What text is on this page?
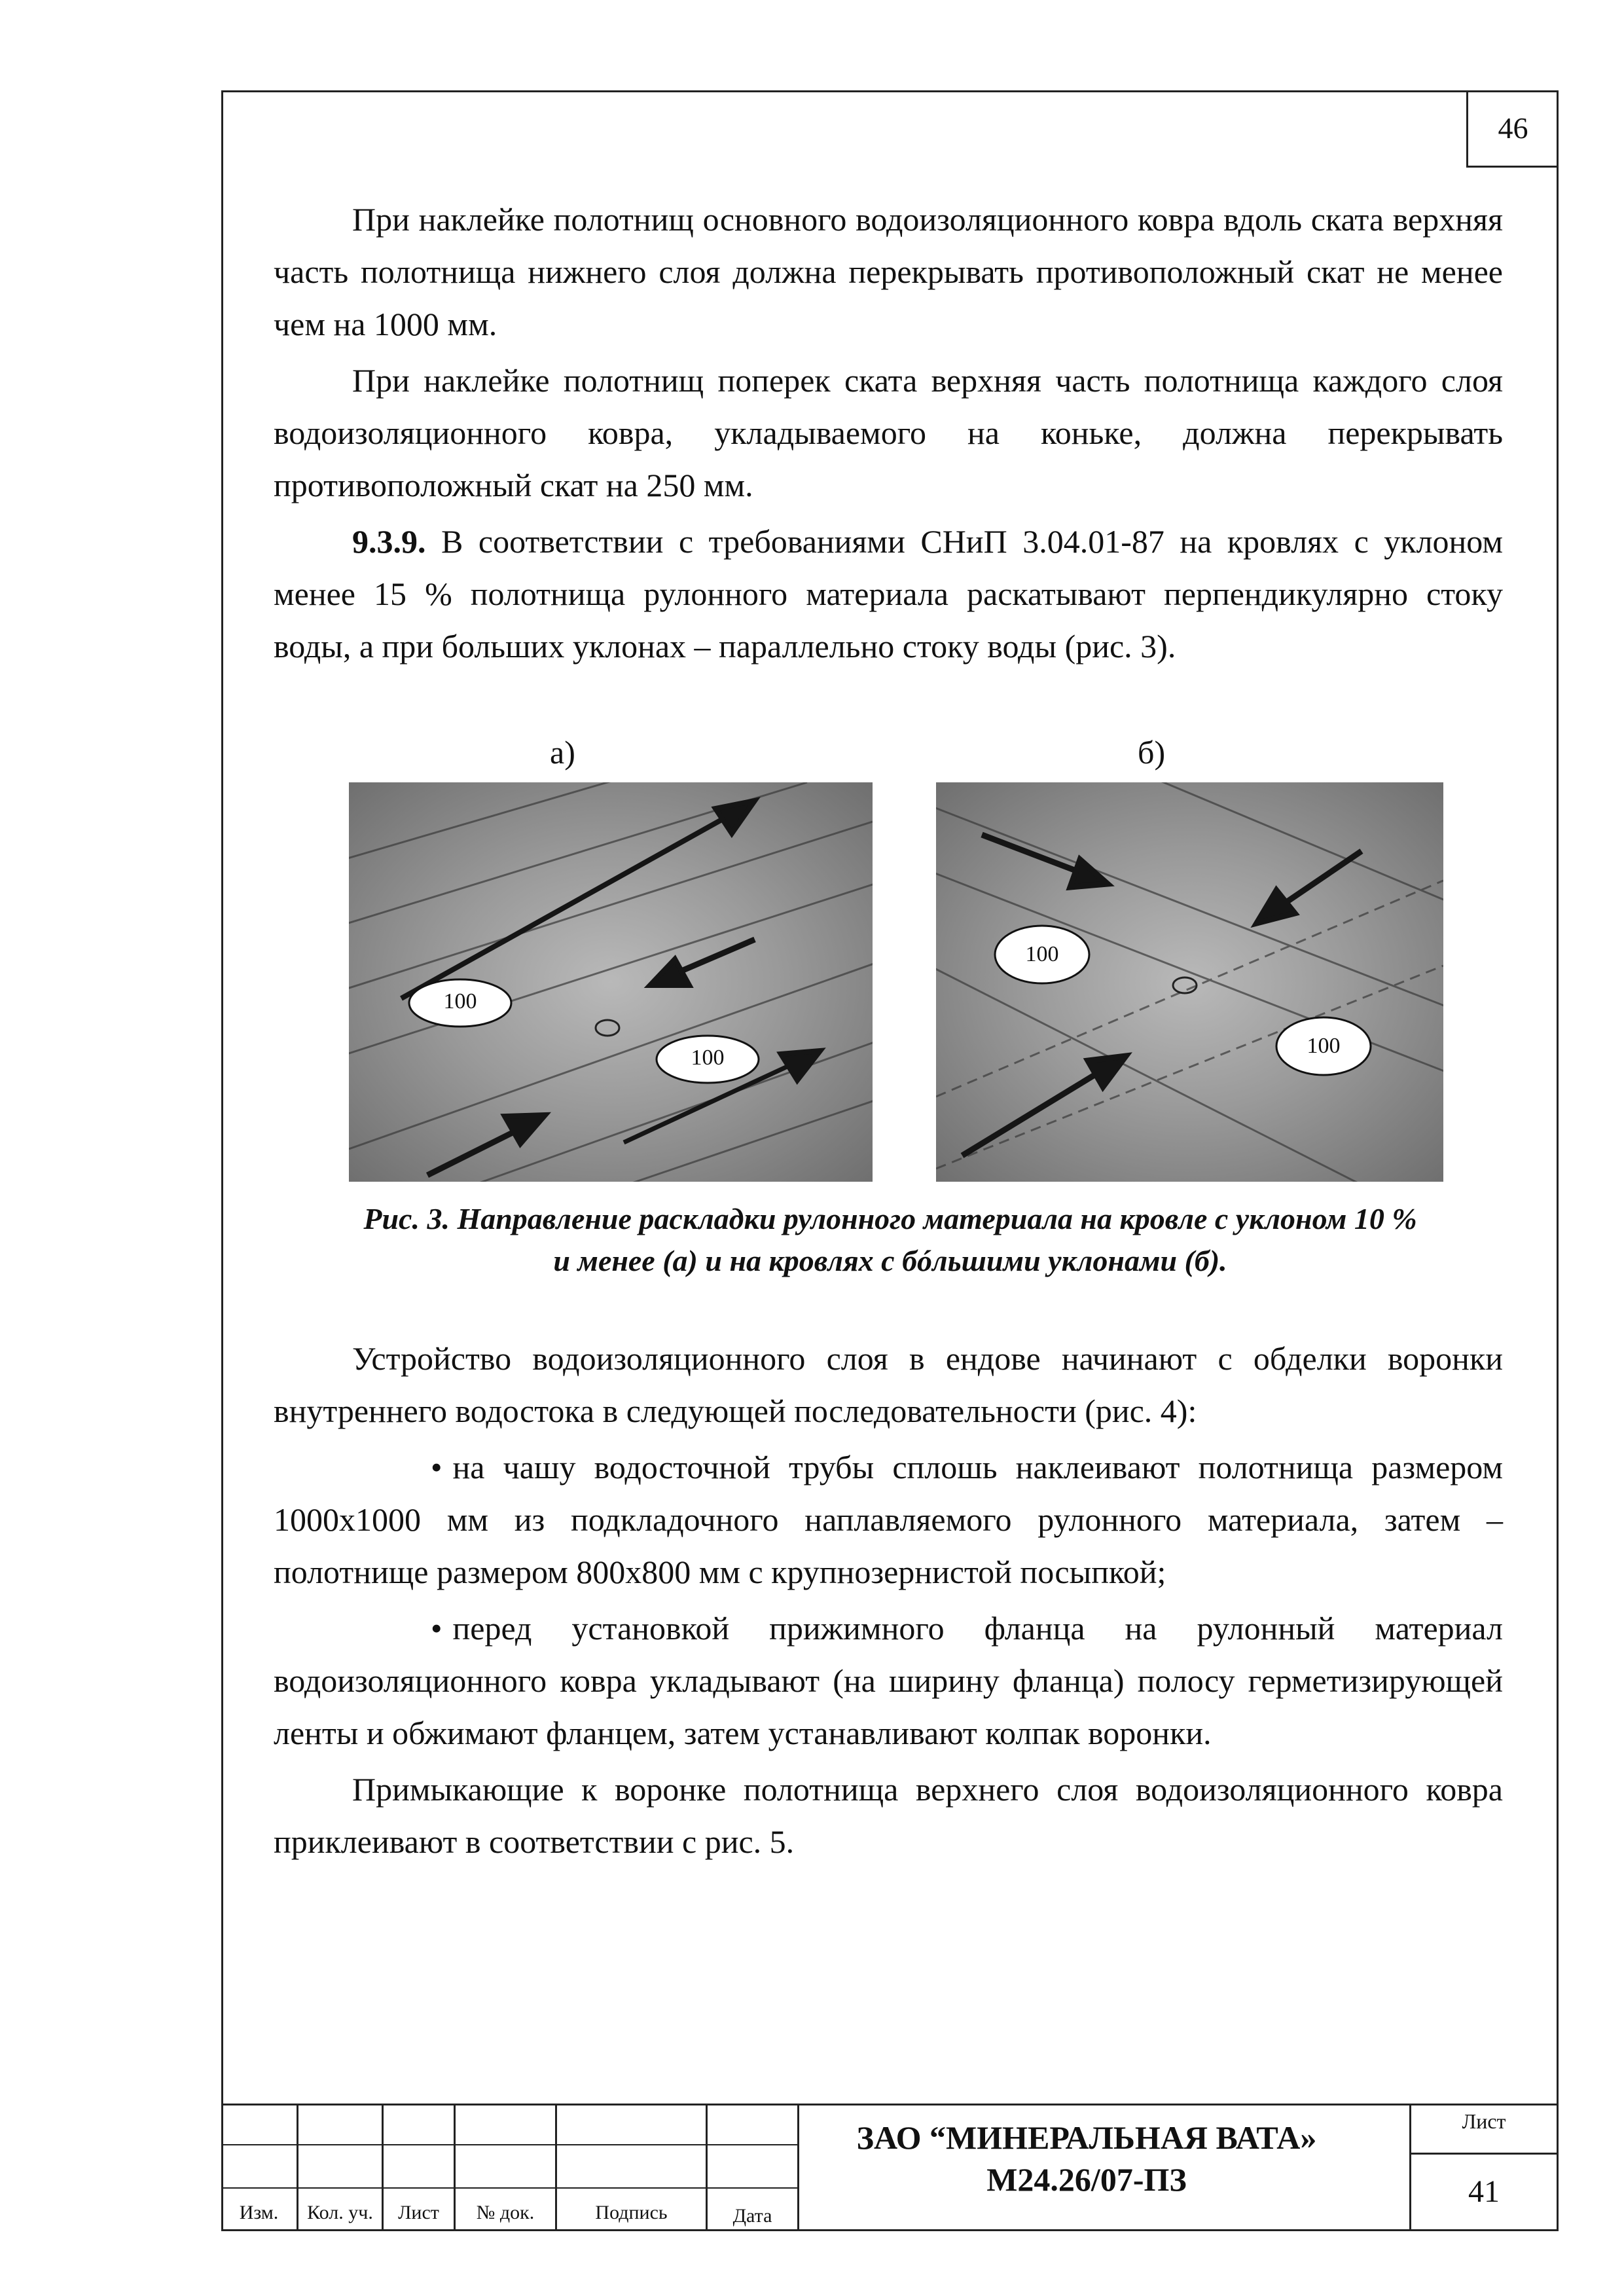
46

При наклейке полотнищ основного водоизоляционного ковра вдоль ската верхняя часть полотнища нижнего слоя должна перекрывать противоположный скат не менее чем на 1000 мм.

При наклейке полотнищ поперек ската верхняя часть полотнища каждого слоя водоизоляционного ковра, укладываемого на коньке, должна перекрывать противоположный скат на 250 мм.

9.3.9. В соответствии с требованиями СНиП 3.04.01-87 на кровлях с уклоном менее 15 % полотнища рулонного материала раскатывают перпендикулярно стоку воды, а при больших уклонах – параллельно стоку воды (рис. 3).

а)	б)
100
100
100
100
Рис. 3. Направление раскладки рулонного материала на кровле с уклоном 10 %
и менее (а) и на кровлях с бóльшими уклонами (б).

Устройство водоизоляционного слоя в ендове начинают с обделки воронки внутреннего водостока в следующей последовательности (рис. 4):

• на чашу водосточной трубы сплошь наклеивают полотнища размером 1000х1000 мм из подкладочного наплавляемого рулонного материала, затем – полотнище размером 800х800 мм с крупнозернистой посыпкой;

• перед установкой прижимного фланца на рулонный материал водоизоляционного ковра укладывают (на ширину фланца) полосу герметизирующей ленты и обжимают фланцем, затем устанавливают колпак воронки.

Примыкающие к воронке полотнища верхнего слоя водоизоляционного ковра приклеивают в соответствии с рис. 5.

Изм.	Кол. уч.	Лист	№ док.	Подпись	Дата
ЗАО “МИНЕРАЛЬНАЯ ВАТА»
М24.26/07-ПЗ
Лист
41
